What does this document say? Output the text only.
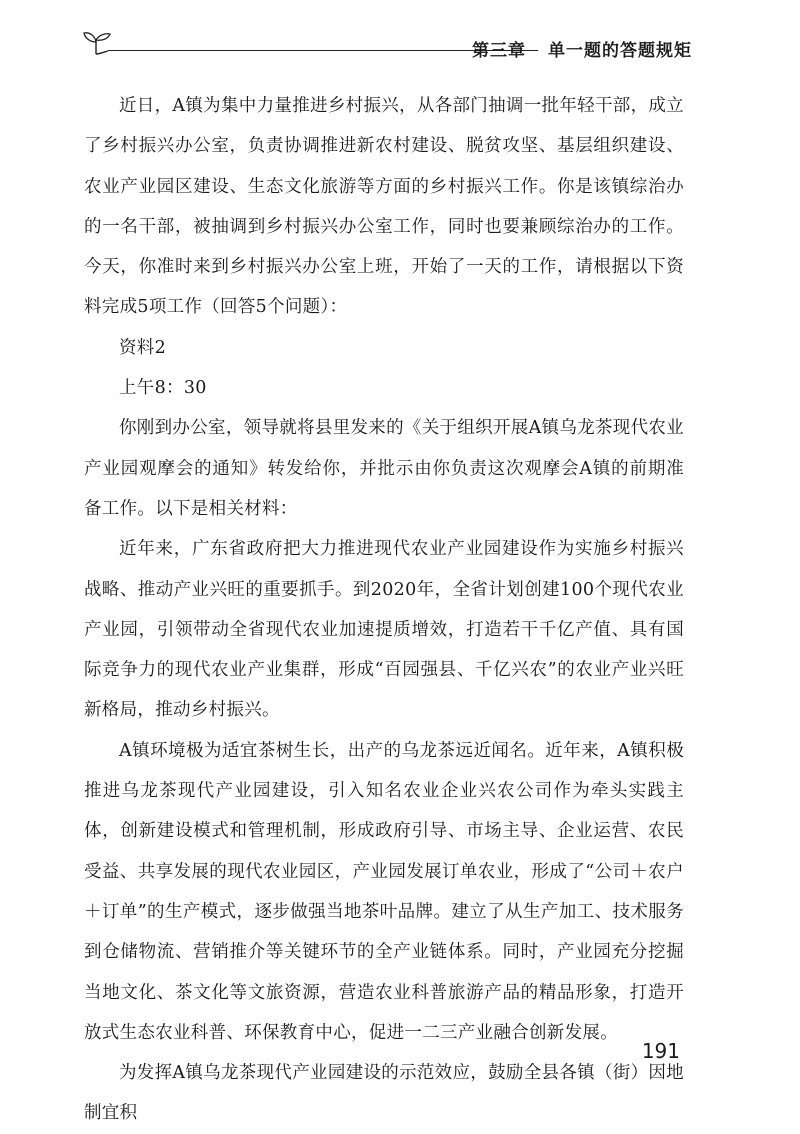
第三章 单一题的答题规矩

近日，A镇为集中力量推进乡村振兴，从各部门抽调一批年轻干部，成立了乡村振兴办公室，负责协调推进新农村建设、脱贫攻坚、基层组织建设、农业产业园区建设、生态文化旅游等方面的乡村振兴工作。你是该镇综治办的一名干部，被抽调到乡村振兴办公室工作，同时也要兼顾综治办的工作。今天，你准时来到乡村振兴办公室上班，开始了一天的工作，请根据以下资料完成5项工作（回答5个问题）：

资料2

上午8：30

你刚到办公室，领导就将县里发来的《关于组织开展A镇乌龙茶现代农业产业园观摩会的通知》转发给你，并批示由你负责这次观摩会A镇的前期准备工作。以下是相关材料：

近年来，广东省政府把大力推进现代农业产业园建设作为实施乡村振兴战略、推动产业兴旺的重要抓手。到2020年，全省计划创建100个现代农业产业园，引领带动全省现代农业加速提质增效，打造若干千亿产值、具有国际竞争力的现代农业产业集群，形成“百园强县、千亿兴农”的农业产业兴旺新格局，推动乡村振兴。

A镇环境极为适宜茶树生长，出产的乌龙茶远近闻名。近年来，A镇积极推进乌龙茶现代产业园建设，引入知名农业企业兴农公司作为牵头实践主体，创新建设模式和管理机制，形成政府引导、市场主导、企业运营、农民受益、共享发展的现代农业园区，产业园发展订单农业，形成了“公司＋农户＋订单”的生产模式，逐步做强当地茶叶品牌。建立了从生产加工、技术服务到仓储物流、营销推介等关键环节的全产业链体系。同时，产业园充分挖掘当地文化、茶文化等文旅资源，营造农业科普旅游产品的精品形象，打造开放式生态农业科普、环保教育中心，促进一二三产业融合创新发展。

为发挥A镇乌龙茶现代产业园建设的示范效应，鼓励全县各镇（街）因地制宜积

191
